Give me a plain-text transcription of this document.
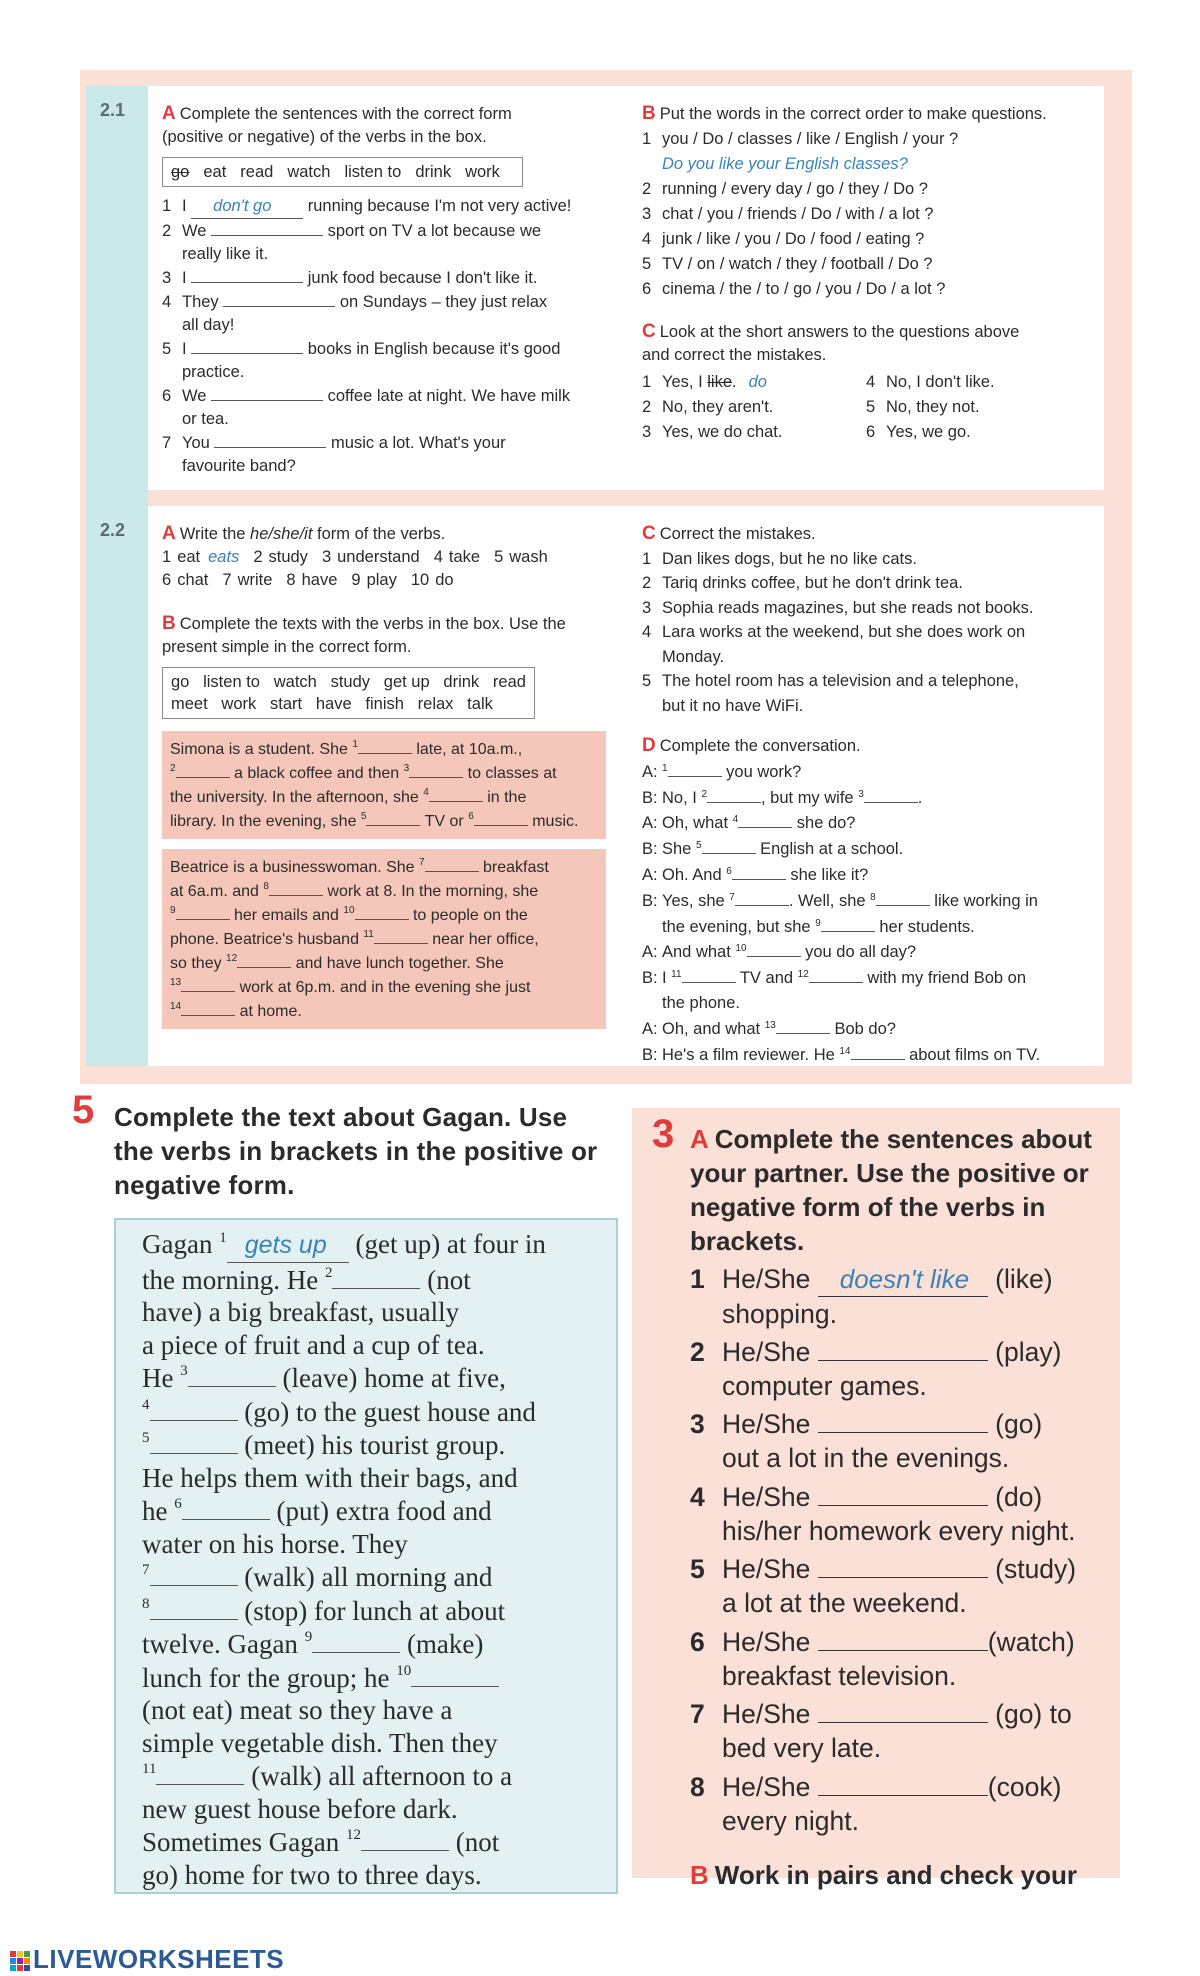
2.1
2.2
A Complete the sentences with the correct form
(positive or negative) of the verbs in the box.
go eat read watch listen to drink work
1 I don't go running because I'm not very active!
2 We	sport on TV a lot because we
really like it.
3 I	junk food because I don't like it.
4 They	on Sundays – they just relax
all day!
5 I	books in English because it's good
practice.
6 We	coffee late at night. We have milk
or tea.
7 You	music a lot. What's your
favourite band?
B Put the words in the correct order to make questions.
1 you / Do / classes / like / English / your ?
Do you like your English classes?
2 running / every day / go / they / Do ?
3 chat / you / friends / Do / with / a lot ?
4 junk / like / you / Do / food / eating ?
5 TV / on / watch / they / football / Do ?
6 cinema / the / to / go / you / Do / a lot ?
C Look at the short answers to the questions above
and correct the mistakes.
1 Yes, I like. do
2 No, they aren't.
3 Yes, we do chat.
4 No, I don't like.
5 No, they not.
6 Yes, we go.
A Write the he/she/it form of the verbs.
1 eat eats 2 study 3 understand 4 take 5 wash
6 chat 7 write 8 have 9 play 10 do
B Complete the texts with the verbs in the box. Use the
present simple in the correct form.
go   listen to   watch   study   get up   drink   read
meet   work   start   have   finish   relax   talk
Simona is a student. She $^1$	late, at 10a.m.,
$^2$	a black coffee and then $^3$	to classes at
the university. In the afternoon, she $^4$	in the
library. In the evening, she $^5$	TV or $^6$	music.
Beatrice is a businesswoman. She $^7$	breakfast
at 6a.m. and $^8$	work at 8. In the morning, she
$^9$	her emails and $^{10}$	to people on the
phone. Beatrice's husband $^{11}$	near her office,
so they $^{12}$	and have lunch together. She
$^{13}$	work at 6p.m. and in the evening she just
$^{14}$	at home.
C Correct the mistakes.
1 Dan likes dogs, but he no like cats.
2 Tariq drinks coffee, but he don't drink tea.
3 Sophia reads magazines, but she reads not books.
4 Lara works at the weekend, but she does work on
Monday.
5 The hotel room has a television and a telephone,
but it no have WiFi.
D Complete the conversation.
A: $^1$	you work?
B: No, I $^2$	, but my wife $^3$	.
A: Oh, what $^4$	she do?
B: She $^5$	English at a school.
A: Oh. And $^6$	she like it?
B: Yes, she $^7$	. Well, she $^8$	like working in
the evening, but she $^9$	her students.
A: And what $^{10}$	you do all day?
B: I $^{11}$	TV and $^{12}$	with my friend Bob on
the phone.
A: Oh, and what $^{13}$	Bob do?
B: He's a film reviewer. He $^{14}$	about films on TV.
5 Complete the text about Gagan. Use the verbs in brackets in the positive or negative form.
Gagan $^1$ gets up (get up) at four in
the morning. He $^2$	(not
have) a big breakfast, usually
a piece of fruit and a cup of tea.
He $^3$	(leave) home at five,
$^4$	(go) to the guest house and
$^5$	(meet) his tourist group.
He helps them with their bags, and
he $^6$	(put) extra food and
water on his horse. They
$^7$	(walk) all morning and
$^8$	(stop) for lunch at about
twelve. Gagan $^9$	(make)
lunch for the group; he $^{10}$
(not eat) meat so they have a
simple vegetable dish. Then they
$^{11}$	(walk) all afternoon to a
new guest house before dark.
Sometimes Gagan $^{12}$	(not
go) home for two to three days.
3 A Complete the sentences about your partner. Use the positive or negative form of the verbs in brackets.
1 He/She doesn't like (like)
shopping.
2 He/She	(play)
computer games.
3 He/She	(go)
out a lot in the evenings.
4 He/She	(do)
his/her homework every night.
5 He/She	(study)
a lot at the weekend.
6 He/She	(watch)
breakfast television.
7 He/She	(go) to
bed very late.
8 He/She	(cook)
every night.
B Work in pairs and check your
LIVEWORKSHEETS
